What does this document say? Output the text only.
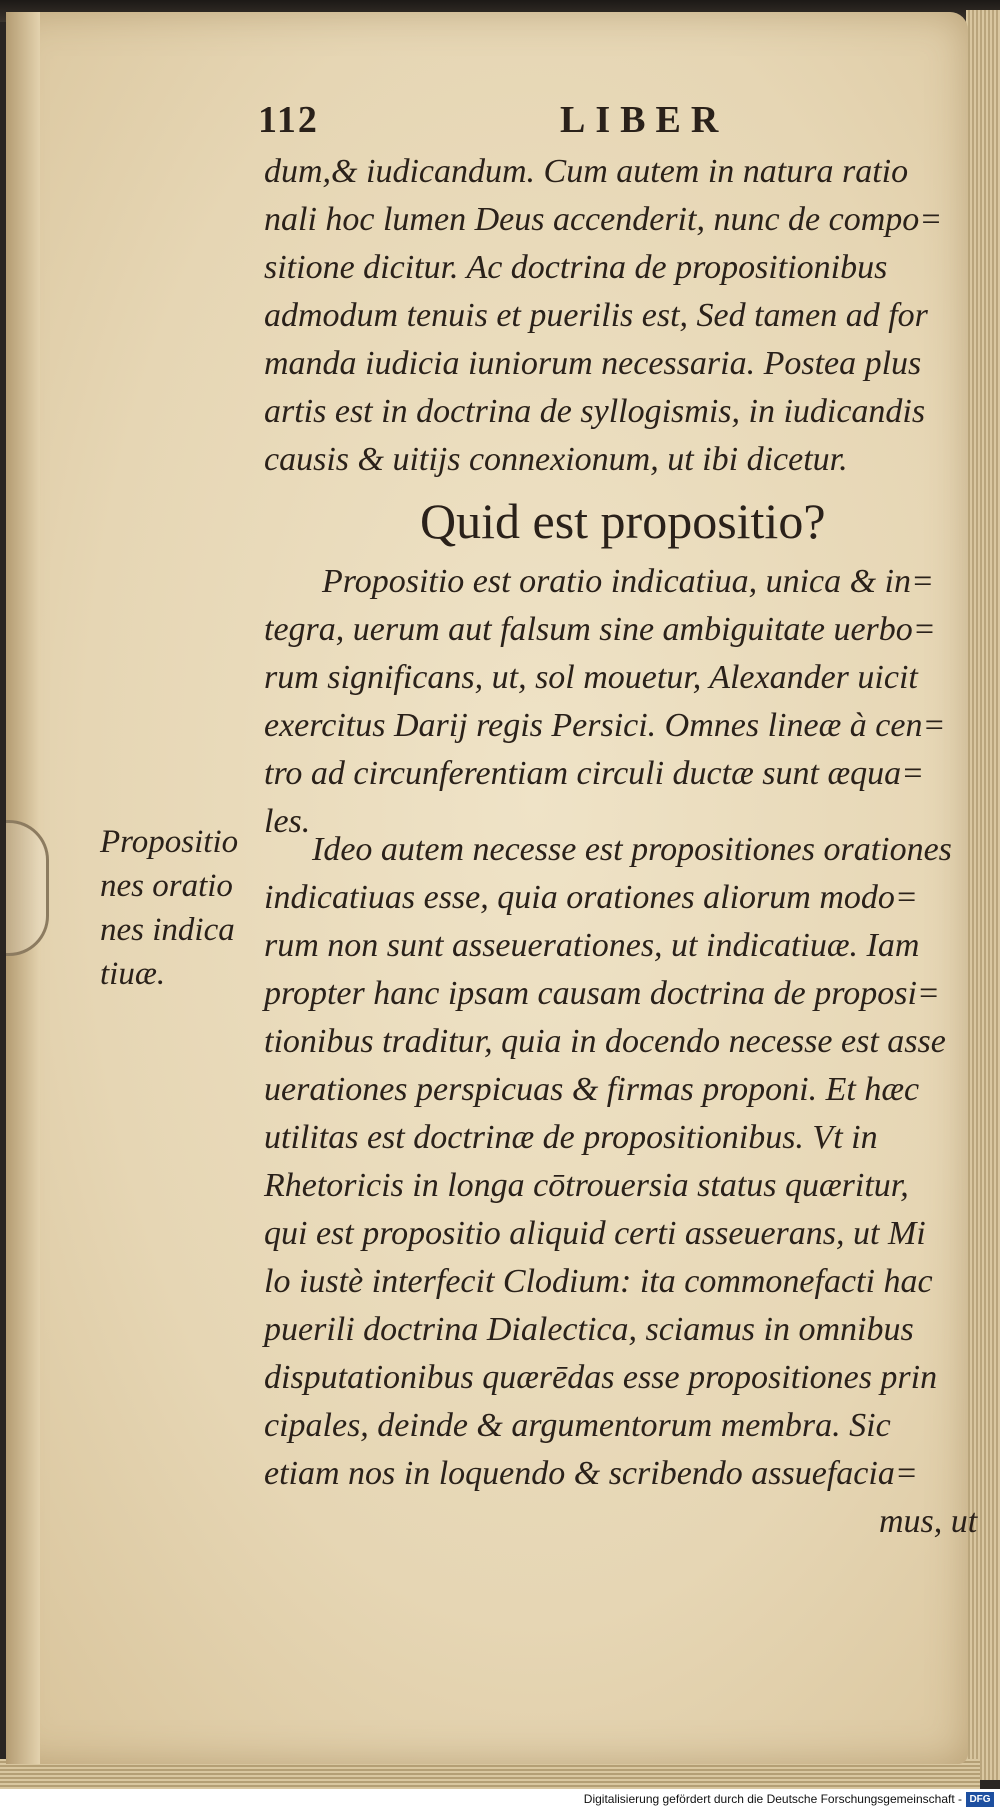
112	LIBER
dum,& iudicandum. Cum autem in natura ratio
nali hoc lumen Deus accenderit, nunc de compo=
sitione dicitur. Ac doctrina de propositionibus
admodum tenuis et puerilis est, Sed tamen ad for
manda iudicia iuniorum necessaria. Postea plus
artis est in doctrina de syllogismis, in iudicandis
causis & uitijs connexionum, ut ibi dicetur.
Quid est propositio?
Propositio est oratio indicatiua, unica & in=
tegra, uerum aut falsum sine ambiguitate uerbo=
rum significans, ut, sol mouetur, Alexander uicit
exercitus Darij regis Persici. Omnes lineæ à cen=
tro ad circunferentiam circuli ductæ sunt æqua=
les.
Propositio
nes oratio
nes indica
tiuæ.
Ideo autem necesse est propositiones orationes
indicatiuas esse, quia orationes aliorum modo=
rum non sunt asseuerationes, ut indicatiuæ. Iam
propter hanc ipsam causam doctrina de proposi=
tionibus traditur, quia in docendo necesse est asse
uerationes perspicuas & firmas proponi. Et hæc
utilitas est doctrinæ de propositionibus. Vt in
Rhetoricis in longa cōtrouersia status quæritur,
qui est propositio aliquid certi asseuerans, ut Mi
lo iustè interfecit Clodium: ita commonefacti hac
puerili doctrina Dialectica, sciamus in omnibus
disputationibus quærēdas esse propositiones prin
cipales, deinde & argumentorum membra. Sic
etiam nos in loquendo & scribendo assuefacia=
mus, ut
Digitalisierung gefördert durch die Deutsche Forschungsgemeinschaft - DFG
